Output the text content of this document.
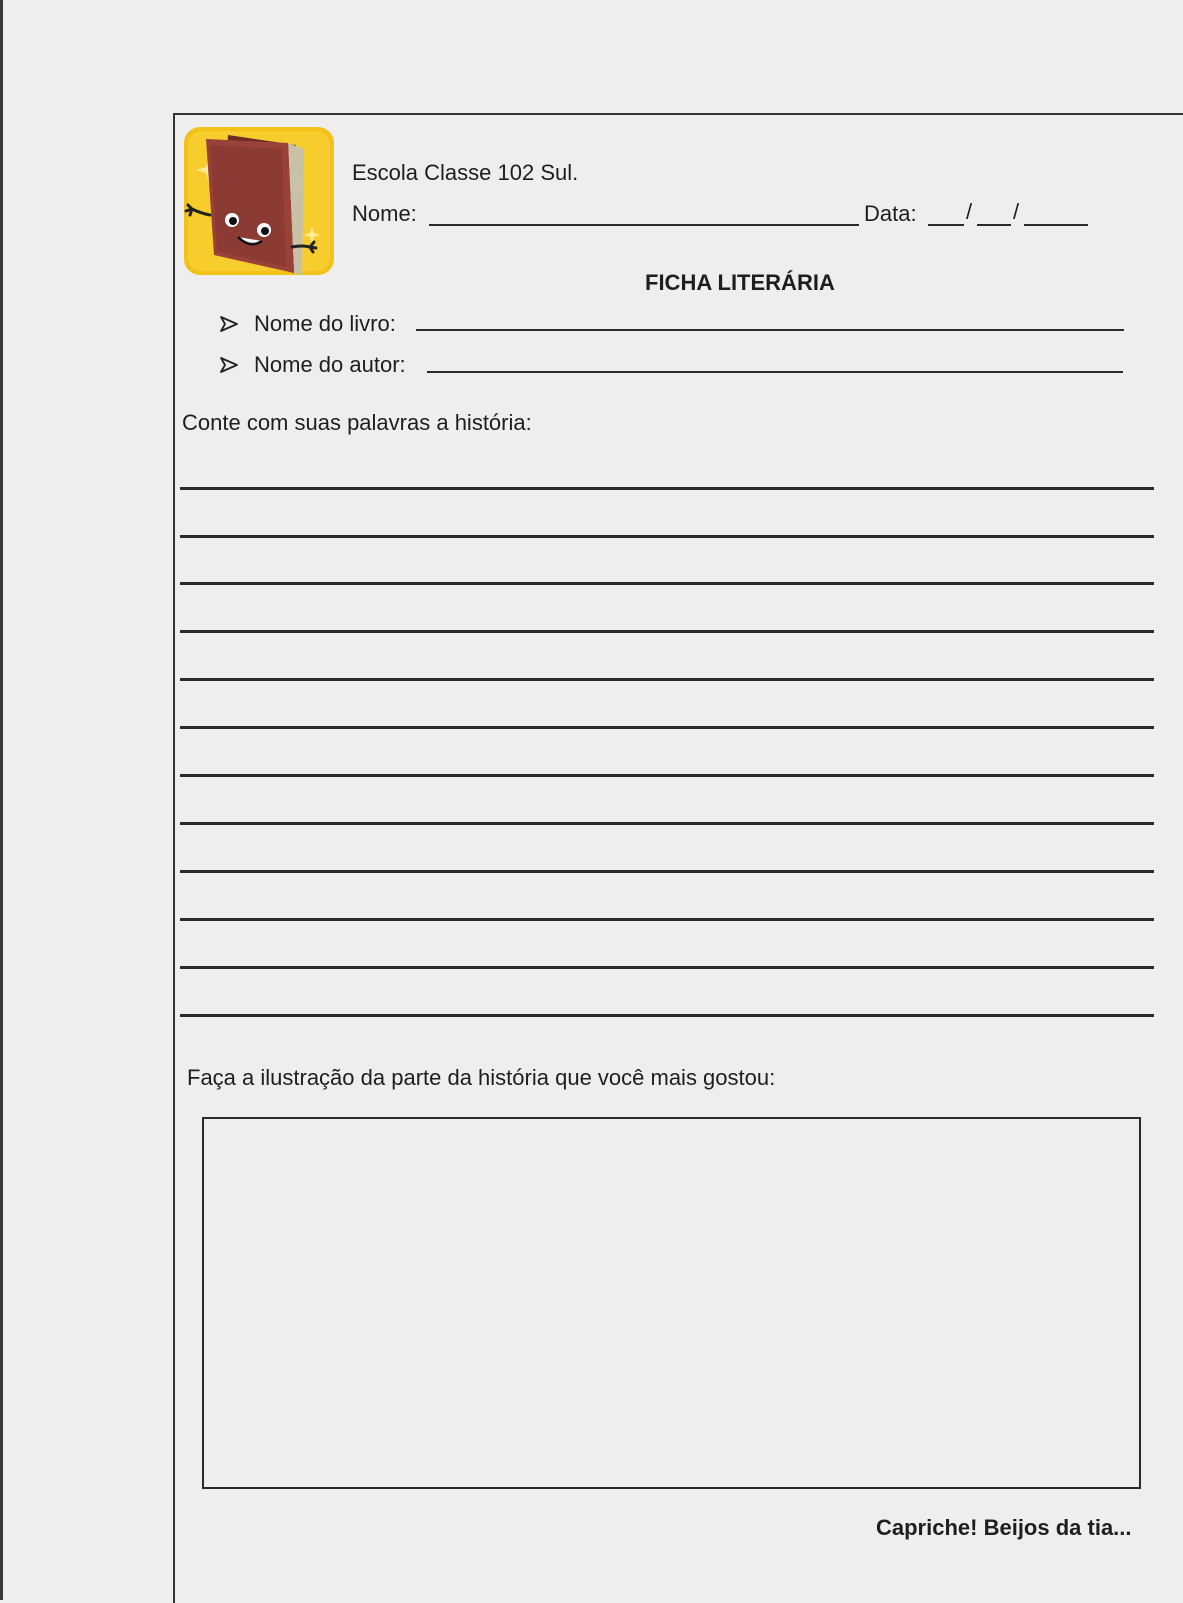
Escola Classe 102 Sul.
Nome:	Data: / /
FICHA LITERÁRIA
Nome do livro:
Nome do autor:
Conte com suas palavras a história:
Faça a ilustração da parte da história que você mais gostou:
Capriche! Beijos da tia...
